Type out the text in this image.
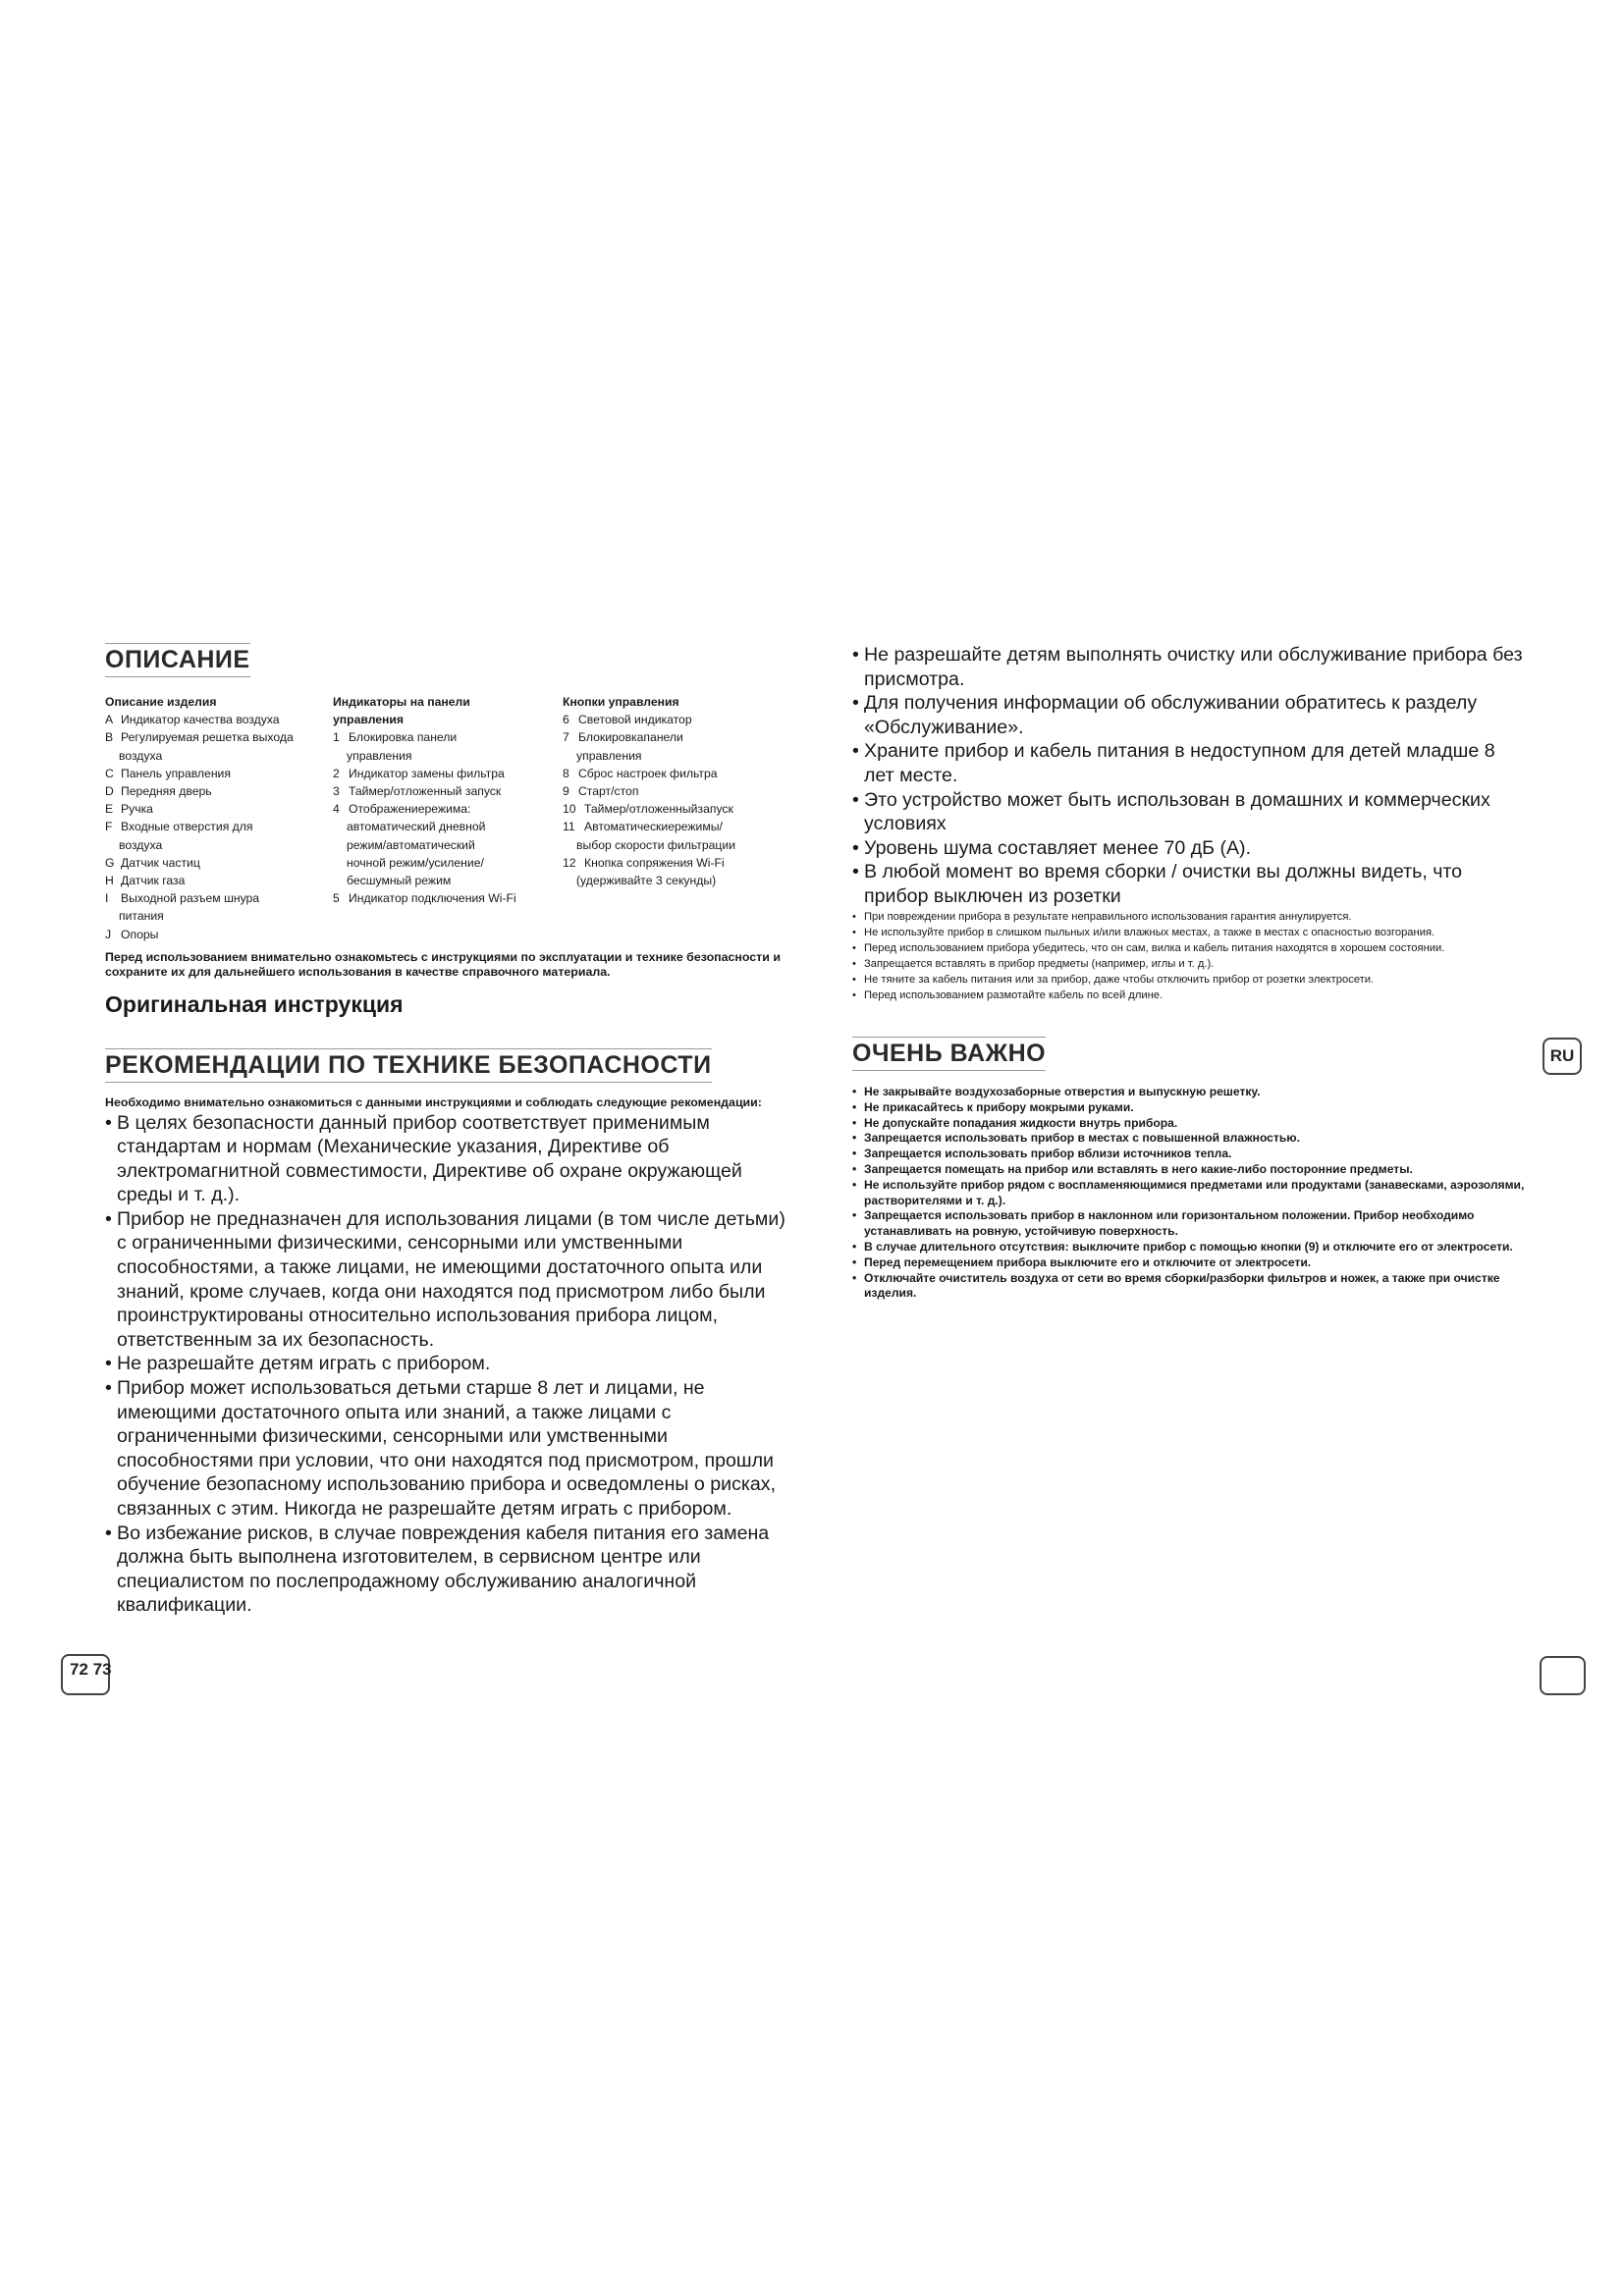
ОПИСАНИЕ
Описание изделия
A Индикатор качества воздуха
B Регулируемая решетка выхода
воздуха
C Панель управления
D Передняя дверь
E Ручка
F Входные отверстия для
воздуха
G Датчик частиц
H Датчик газа
I	Выходной разъем шнура
питания
J Опоры
Индикаторы на панели
управления
1 Блокировка панели
управления
2 Индикатор замены фильтра
3 Таймер/отложенный запуск
4 Отображениережима:
автоматический дневной
режим/автоматический
ночной режим/усиление/
бесшумный режим
5 Индикатор подключения Wi-Fi
Кнопки управления
6 Световой индикатор
7 Блокировкапанели
управления
8 Сброс настроек фильтра
9 Старт/стоп
10 Таймер/отложенныйзапуск
11 Автоматическиережимы/
выбор скорости фильтрации
12 Кнопка сопряжения Wi-Fi
(удерживайте 3 секунды)
Перед использованием внимательно ознакомьтесь с инструкциями по эксплуатации и технике безопасности и сохраните их для дальнейшего использования в качестве справочного материала.
Оригинальная инструкция
РЕКОМЕНДАЦИИ ПО ТЕХНИКЕ БЕЗОПАСНОСТИ
Необходимо внимательно ознакомиться с данными инструкциями и соблюдать следующие рекомендации:
• В целях безопасности данный прибор соответствует применимым стандартам и нормам (Механические указания, Директиве об электромагнитной совместимости, Директиве об охране окружающей среды и т. д.).
• Прибор не предназначен для использования лицами (в том числе детьми) с ограниченными физическими, сенсорными или умственными способностями, а также лицами, не имеющими достаточного опыта или знаний, кроме случаев, когда они находятся под присмотром либо были проинструктированы относительно использования прибора лицом, ответственным за их безопасность.
• Не разрешайте детям играть с прибором.
• Прибор может использоваться детьми старше 8 лет и лицами, не имеющими достаточного опыта или знаний, а также лицами с ограниченными физическими, сенсорными или умственными способностями при условии, что они находятся под присмотром, прошли обучение безопасному использованию прибора и осведомлены о рисках, связанных с этим. Никогда не разрешайте детям играть с прибором.
• Во избежание рисков, в случае повреждения кабеля питания его замена должна быть выполнена изготовителем, в сервисном центре или специалистом по послепродажному обслуживанию аналогичной квалификации.
• Не разрешайте детям выполнять очистку или обслуживание прибора без присмотра.
• Для получения информации об обслуживании обратитесь к разделу «Обслуживание».
• Храните прибор и кабель питания в недоступном для детей младше 8 лет месте.
• Это устройство может быть использован в домашних и коммерческих условиях
• Уровень шума составляет менее 70 дБ (А).
• В любой момент во время сборки / очистки вы должны видеть, что прибор выключен из розетки
• При повреждении прибора в результате неправильного использования гарантия аннулируется.
• Не используйте прибор в слишком пыльных и/или влажных местах, а также в местах с опасностью возгорания.
• Перед использованием прибора убедитесь, что он сам, вилка и кабель питания находятся в хорошем состоянии.
• Запрещается вставлять в прибор предметы (например, иглы и т. д.).
• Не тяните за кабель питания или за прибор, даже чтобы отключить прибор от розетки электросети.
• Перед использованием размотайте кабель по всей длине.
ОЧЕНЬ ВАЖНО
• Не закрывайте воздухозаборные отверстия и выпускную решетку.
• Не прикасайтесь к прибору мокрыми руками.
• Не допускайте попадания жидкости внутрь прибора.
• Запрещается использовать прибор в местах с повышенной влажностью.
• Запрещается использовать прибор вблизи источников тепла.
• Запрещается помещать на прибор или вставлять в него какие-либо посторонние предметы.
• Не используйте прибор рядом с воспламеняющимися предметами или продуктами (занавесками, аэрозолями, растворителями и т. д.).
• Запрещается использовать прибор в наклонном или горизонтальном положении. Прибор необходимо устанавливать на ровную, устойчивую поверхность.
• В случае длительного отсутствия: выключите прибор с помощью кнопки (9) и отключите его от электросети.
• Перед перемещением прибора выключите его и отключите от электросети.
• Отключайте очиститель воздуха от сети во время сборки/разборки фильтров и ножек, а также при очистке изделия.
RU
72 73
